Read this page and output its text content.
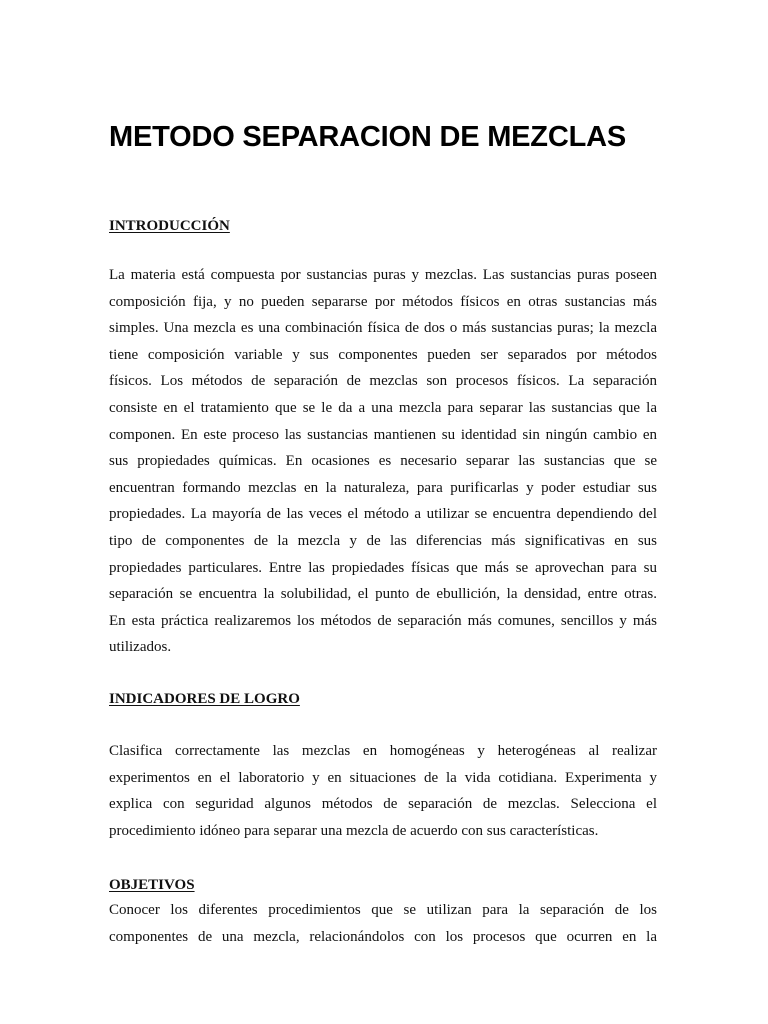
METODO SEPARACION DE MEZCLAS
INTRODUCCIÓN
La materia está compuesta por sustancias puras y mezclas. Las sustancias puras poseen
composición fija, y no pueden separarse por métodos físicos en otras sustancias más
simples. Una mezcla es una combinación física de dos o más sustancias puras; la mezcla
tiene composición variable y sus componentes pueden ser separados por métodos
físicos. Los métodos de separación de mezclas son procesos físicos. La separación
consiste en el tratamiento que se le da a una mezcla para separar las sustancias que la
componen. En este proceso las sustancias mantienen su identidad sin ningún cambio en
sus propiedades químicas. En ocasiones es necesario separar las sustancias que se
encuentran formando mezclas en la naturaleza, para purificarlas y poder estudiar sus
propiedades. La mayoría de las veces el método a utilizar se encuentra dependiendo del
tipo de componentes de la mezcla y de las diferencias más significativas en sus
propiedades particulares. Entre las propiedades físicas que más se aprovechan para su
separación se encuentra la solubilidad, el punto de ebullición, la densidad, entre otras.
En esta práctica realizaremos los métodos de separación más comunes, sencillos y más
utilizados.
INDICADORES DE LOGRO
Clasifica correctamente las mezclas en homogéneas y heterogéneas al realizar
experimentos en el laboratorio y en situaciones de la vida cotidiana. Experimenta y
explica con seguridad algunos métodos de separación de mezclas. Selecciona el
procedimiento idóneo para separar una mezcla de acuerdo con sus características.
OBJETIVOS
Conocer los diferentes procedimientos que se utilizan para la separación de los
componentes de una mezcla, relacionándolos con los procesos que ocurren en la
